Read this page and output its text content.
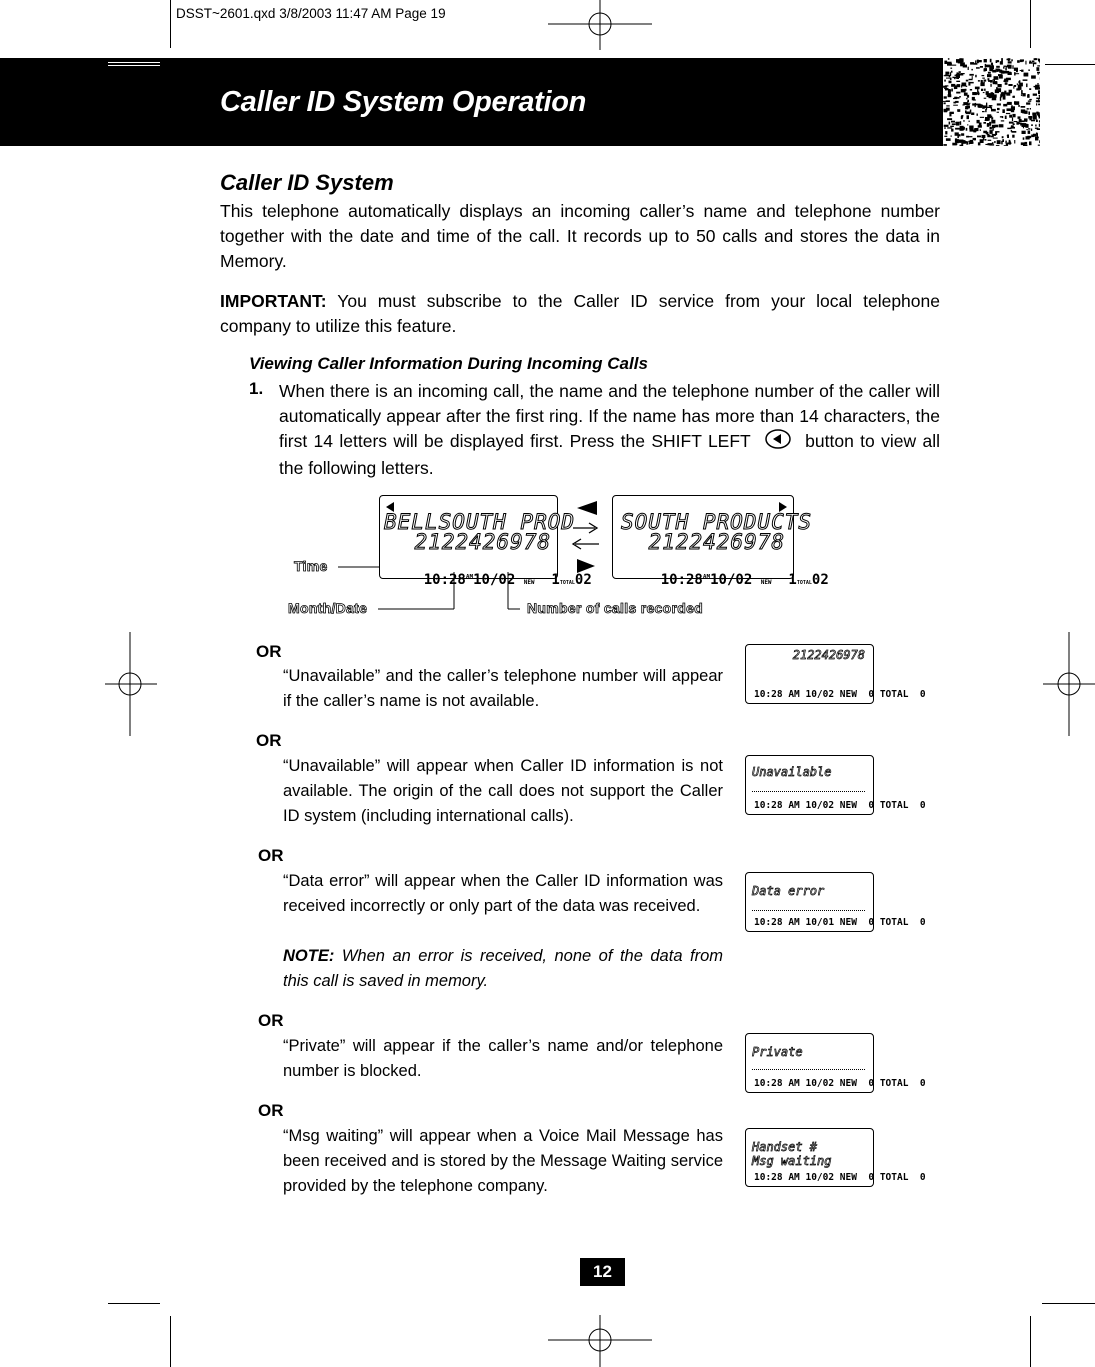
DSST~2601.qxd 3/8/2003 11:47 AM Page 19
Caller ID System Operation
Caller ID System
This telephone automatically displays an incoming caller’s name and telephone number together with the date and time of the call. It records up to 50 calls and stores the data in Memory.
IMPORTANT: You must subscribe to the Caller ID service from your local telephone company to utilize this feature.
Viewing Caller Information During Incoming Calls
1. When there is an incoming call, the name and the telephone number of the caller will automatically appear after the first ring. If the name has more than 14 characters, the first 14 letters will be displayed first. Press the SHIFT LEFT	button to view all the following letters.
BELLSOUTH PROD
2122426978

$10:28^{AM}10/02$ NEW 1TOTAL02

SOUTH PRODUCTS
2122426978

$10:28^{AM}10/02$ NEW 1TOTAL02

Time
Month/Date	Number of calls recorded
OR
“Unavailable” and the caller’s telephone number will appear if the caller’s name is not available.
2122426978
10:28 AM 10/02 NEW  0 TOTAL  0
OR
“Unavailable” will appear when Caller ID information is not available. The origin of the call does not support the Caller ID system (including international calls).
Unavailable
10:28 AM 10/02 NEW  0 TOTAL  0
OR
“Data error” will appear when the Caller ID information was received incorrectly or only part of the data was received.
NOTE: When an error is received, none of the data from this call is saved in memory.
Data error
10:28 AM 10/01 NEW  0 TOTAL  0
OR
“Private” will appear if the caller’s name and/or telephone number is blocked.
Private
10:28 AM 10/02 NEW  0 TOTAL  0
OR
“Msg waiting” will appear when a Voice Mail Message has been received and is stored by the Message Waiting service provided by the telephone company.
Handset #
Msg waiting
10:28 AM 10/02 NEW  0 TOTAL  0
12
